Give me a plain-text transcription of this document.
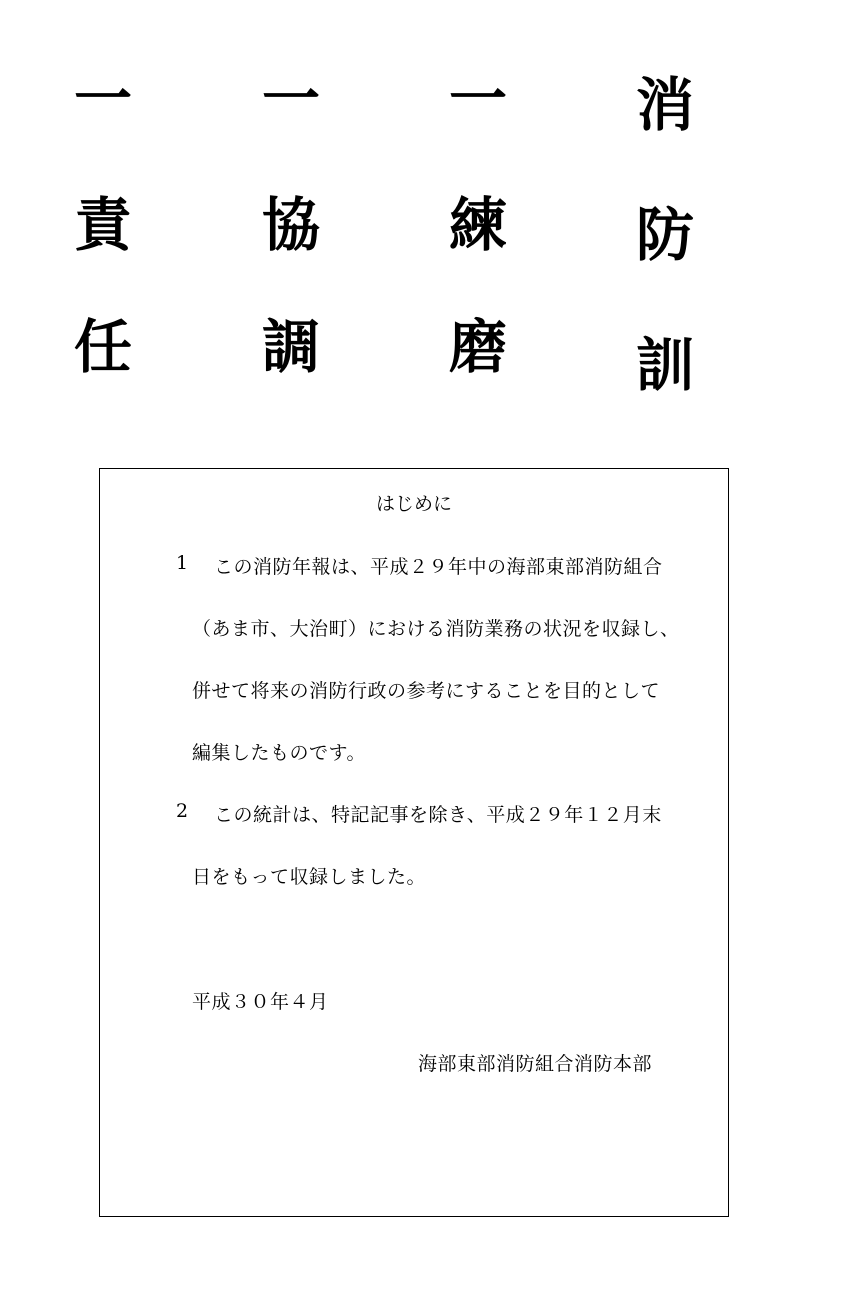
消
防
訓
一
練
磨
一
協
調
一
責
任
はじめに
1 この消防年報は、平成２９年中の海部東部消防組合
（あま市、大治町）における消防業務の状況を収録し、
併せて将来の消防行政の参考にすることを目的として
編集したものです。
2 この統計は、特記記事を除き、平成２９年１２月末
日をもって収録しました。
平成３０年４月
海部東部消防組合消防本部
